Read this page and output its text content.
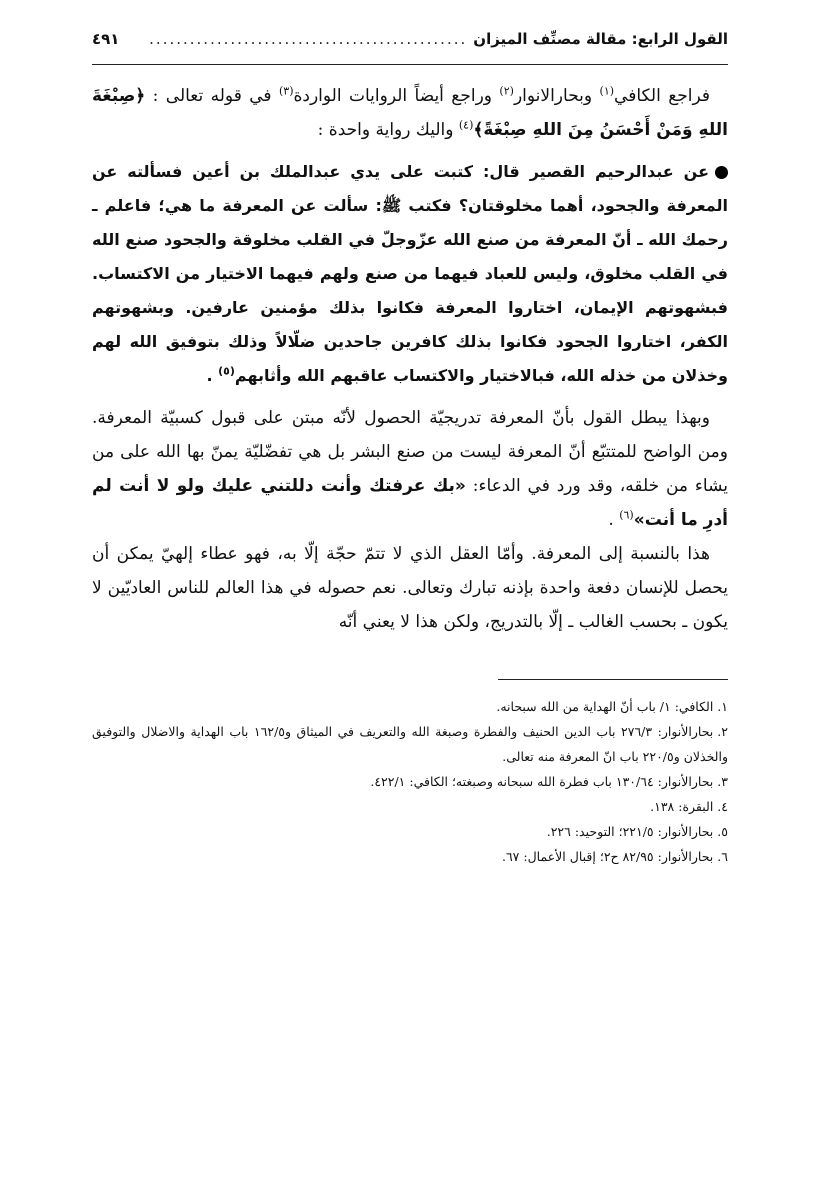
القول الرابع: مقالة مصنِّف الميزان
...............................................
٤٩١

فراجع الكافي$^{(١)}$ وبحارالانوار$^{(٢)}$ وراجع أيضاً الروايات الواردة$^{(٣)}$ في قوله تعالى : ﴿صِبْغَةَ اللهِ وَمَنْ أَحْسَنُ مِنَ اللهِ صِبْغَةً﴾$^{(٤)}$ واليك رواية واحدة :

عن عبدالرحيم القصير قال: كتبت على يدي عبدالملك بن أعين فسألته عن المعرفة والجحود، أهما مخلوقتان؟ فكتب ﷺ: سألت عن المعرفة ما هي؛ فاعلم ـ رحمك الله ـ أنّ المعرفة من صنع الله عزّوجلّ في القلب مخلوقة والجحود صنع الله في القلب مخلوق، وليس للعباد فيهما من صنع ولهم فيهما الاختيار من الاكتساب. فبشهوتهم الإيمان، اختاروا المعرفة فكانوا بذلك مؤمنين عارفين. وبشهوتهم الكفر، اختاروا الجحود فكانوا بذلك كافرين جاحدين ضلّالاً وذلك بتوفيق الله لهم وخذلان من خذله الله، فبالاختيار والاكتساب عاقبهم الله وأثابهم$^{(٥)}$ .

وبهذا يبطل القول بأنّ المعرفة تدريجيّة الحصول لأنّه مبتن على قبول كسبيّة المعرفة. ومن الواضح للمتتبّع أنّ المعرفة ليست من صنع البشر بل هي تفضّليّة يمنّ بها الله على من يشاء من خلقه، وقد ورد في الدعاء: «بك عرفتك وأنت دللتني عليك ولو لا أنت لم أدرِ ما أنت»$^{(٦)}$ .

هذا بالنسبة إلى المعرفة. وأمّا العقل الذي لا تتمّ حجّة إلّا به، فهو عطاء إلهيّ يمكن أن يحصل للإنسان دفعة واحدة بإذنه تبارك وتعالى. نعم حصوله في هذا العالم للناس العاديّين لا يكون ـ بحسب الغالب ـ إلّا بالتدريج، ولكن هذا لا يعني أنّه

١.الكافي: ١/ باب أنّ الهداية من الله سبحانه.

٢.بحارالأنوار: ٢٧٦/٣ باب الدين الحنيف والفطرة وصبغة الله والتعريف في الميثاق و١٦٢/٥ باب الهداية والاضلال والتوفيق والخذلان و٢٢٠/٥ باب انّ المعرفة منه تعالى.

٣.بحارالأنوار: ١٣٠/٦٤ باب فطرة الله سبحانه وصبغته؛ الكافي: ٤٢٢/١.

٤.البقرة: ١٣٨.

٥.بحارالأنوار: ٢٢١/٥؛ التوحيد: ٢٢٦.

٦.بحارالأنوار: ٨٢/٩٥ ح٢؛ إقبال الأعمال: ٦٧.
